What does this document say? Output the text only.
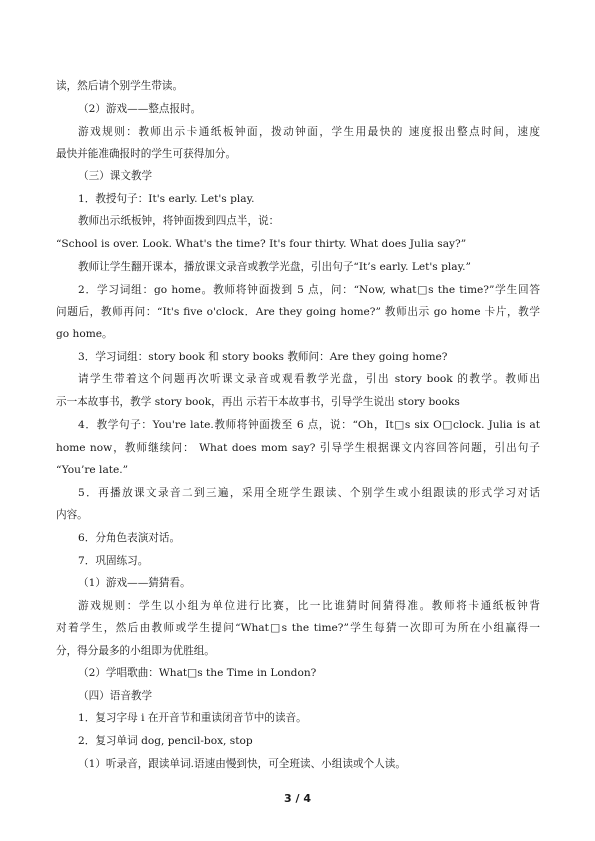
读，然后请个别学生带读。
（2）游戏——整点报时。
游戏规则：教师出示卡通纸板钟面，拨动钟面，学生用最快的 速度报出整点时间，速度
最快并能准确报时的学生可获得加分。
（三）课文教学
1．教授句子：It's early. Let's play.
教师出示纸板钟，将钟面拨到四点半，说：
“School is over. Look. What's the time? It's four thirty. What does Julia say?”
教师让学生翻开课本，播放课文录音或教学光盘，引出句子“It’s early. Let's play.”
2．学习词组：go home。教师将钟面拨到 5 点，问：“Now, what□s the time?”学生回答
问题后，教师再问：“It's five o'clock．Are they going home?” 教师出示 go home 卡片，教学
go home。
3．学习词组：story book 和 story books 教师问：Are they going home?
请学生带着这个问题再次听课文录音或观看教学光盘，引出 story book 的教学。教师出
示一本故事书，教学 story book，再出 示若干本故事书，引导学生说出 story books
4．教学句子：You're late.教师将钟面拨至 6 点，说：“Oh，It□s six O□clock. Julia is at
home now，教师继续问： What does mom say? 引导学生根据课文内容回答问题，引出句子
“You’re late.”
5．再播放课文录音二到三遍，采用全班学生跟读、个别学生或小组跟读的形式学习对话
内容。
6．分角色表演对话。
7．巩固练习。
（1）游戏——猜猜看。
游戏规则：学生以小组为单位进行比赛，比一比谁猜时间猜得准。教师将卡通纸板钟背
对着学生，然后由教师或学生提问“What□s the time?”学生每猜一次即可为所在小组赢得一
分，得分最多的小组即为优胜组。
（2）学唱歌曲：What□s the Time in London?
（四）语音教学
1．复习字母 i 在开音节和重读闭音节中的读音。
2．复习单词 dog, pencil-box, stop
（1）听录音，跟读单词.语速由慢到快，可全班读、小组读或个人读。
3 / 4
